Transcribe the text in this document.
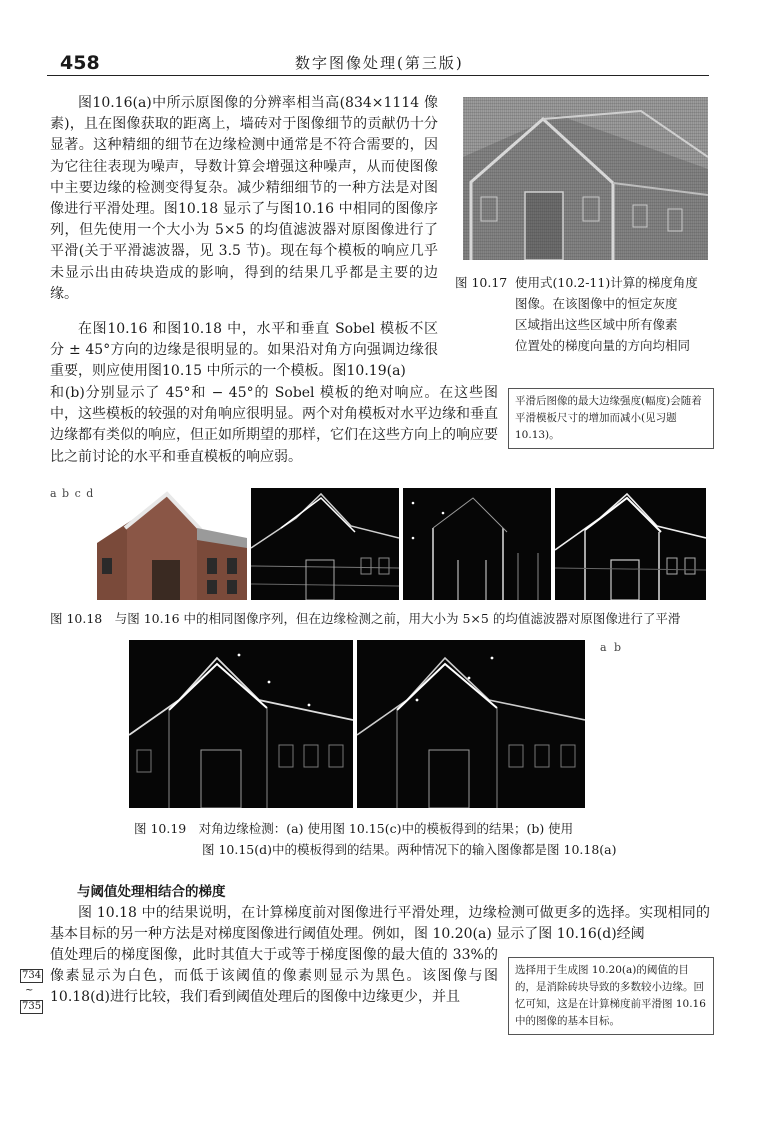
458	数字图像处理(第三版)

图10.16(a)中所示原图像的分辨率相当高(834×1114 像素)，且在图像获取的距离上，墙砖对于图像细节的贡献仍十分显著。这种精细的细节在边缘检测中通常是不符合需要的，因为它往往表现为噪声，导数计算会增强这种噪声，从而使图像中主要边缘的检测变得复杂。减少精细细节的一种方法是对图像进行平滑处理。图10.18 显示了与图10.16 中相同的图像序列，但先使用一个大小为 5×5 的均值滤波器对原图像进行了平滑(关于平滑滤波器，见 3.5 节)。现在每个模板的响应几乎未显示出由砖块造成的影响，得到的结果几乎都是主要的边缘。

在图10.16 和图10.18 中，水平和垂直 Sobel 模板不区分 ± 45°方向的边缘是很明显的。如果沿对角方向强调边缘很重要，则应使用图10.15 中所示的一个模板。图10.19(a)

和(b)分别显示了 45°和 − 45°的 Sobel 模板的绝对响应。在这些图中，这些模板的较强的对角响应很明显。两个对角模板对水平边缘和垂直边缘都有类似的响应，但正如所期望的那样，它们在这些方向上的响应要比之前讨论的水平和垂直模板的响应弱。

图 10.17 使用式(10.2-11)计算的梯度角度
图像。在该图像中的恒定灰度
区域指出这些区域中所有像素
位置处的梯度向量的方向均相同
平滑后图像的最大边缘强度(幅度)会随着平滑模板尺寸的增加而减小(见习题 10.13)。
a b c d
图 10.18　与图 10.16 中的相同图像序列，但在边缘检测之前，用大小为 5×5 的均值滤波器对原图像进行了平滑
a b
图 10.19　对角边缘检测：(a) 使用图 10.15(c)中的模板得到的结果；(b) 使用
图 10.15(d)中的模板得到的结果。两种情况下的输入图像都是图 10.18(a)
与阈值处理相结合的梯度

图 10.18 中的结果说明，在计算梯度前对图像进行平滑处理，边缘检测可做更多的选择。实现相同的基本目标的另一种方法是对梯度图像进行阈值处理。例如，图 10.20(a) 显示了图 10.16(d)经阈

值处理后的梯度图像，此时其值大于或等于梯度图像的最大值的 33%的像素显示为白色，而低于该阈值的像素则显示为黑色。该图像与图 10.18(d)进行比较，我们看到阈值处理后的图像中边缘更少，并且

选择用于生成图 10.20(a)的阈值的目的，是消除砖块导致的多数较小边缘。回忆可知，这是在计算梯度前平滑图 10.16 中的图像的基本目标。
734
~
735
